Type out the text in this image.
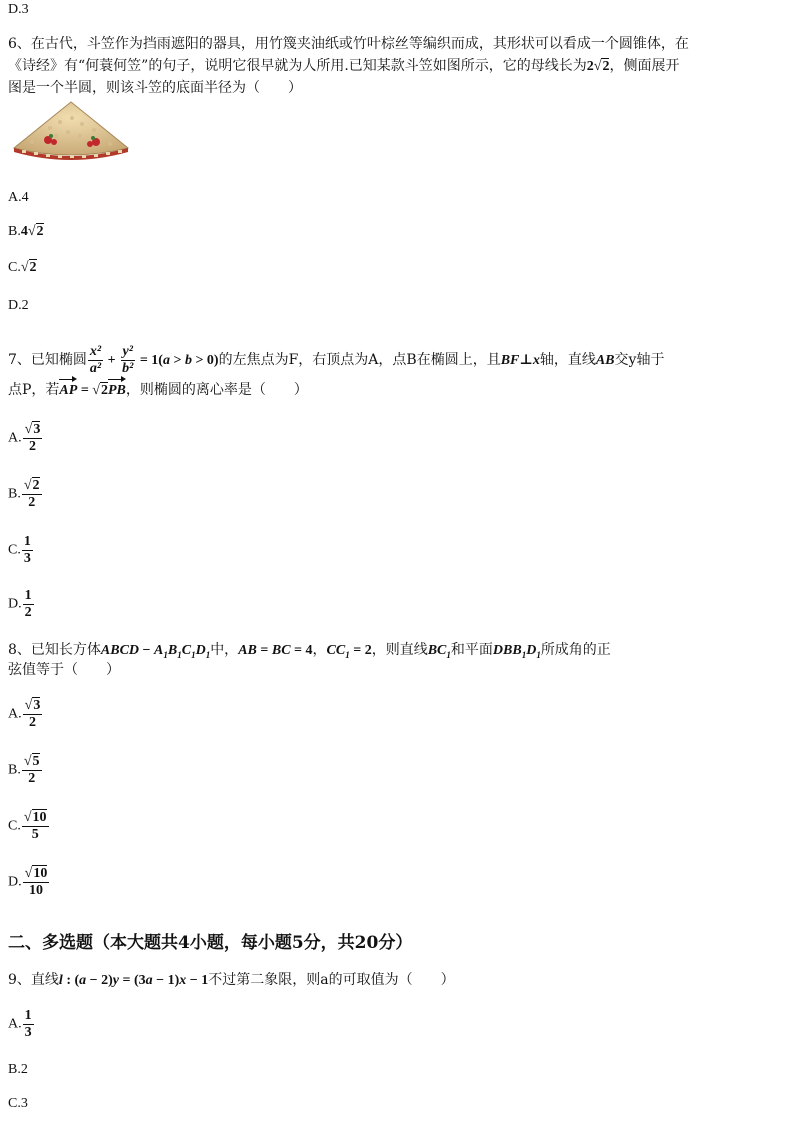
D.3
6、在古代，斗笠作为挡雨遮阳的器具，用竹篾夹油纸或竹叶棕丝等编织而成，其形状可以看成一个圆锥体，在
《诗经》有“何蓑何笠”的句子，说明它很早就为人所用.已知某款斗笠如图所示，它的母线长为2√2，侧面展开
图是一个半圆，则该斗笠的底面半径为（　　）
A.4
B.4√2
C.√2
D.2
7、已知椭圆 $\frac{\text{x²}}{\text{a²}} + \frac{\text{y²}}{\text{b²}} = 1(a > b > 0)$的左焦点为F，右顶点为A，点B在椭圆上，且BF⊥x轴，直线AB交y轴于
点P，若AP = √2PB，则椭圆的离心率是（　　）
A. $\frac{√3}{2}$
B. $\frac{√2}{2}$
C. $\frac{1}{3}$
D. $\frac{1}{2}$
8、已知长方体ABCD − $A_1B_1C_1D_1$中，AB = BC = 4，$CC_1 = 2$，则直线$BC_1$和平面$DBB_1D_1$所成角的正
弦值等于（　　）
A. $\frac{√3}{2}$
B. $\frac{√5}{2}$
C. $\frac{√10}{5}$
D. $\frac{√10}{10}$
二、多选题（本大题共4小题，每小题5分，共20分）
9、直线l : (a − 2)y = (3a − 1)x − 1不过第二象限，则a的可取值为（　　）
A. $\frac{1}{3}$
B.2
C.3
